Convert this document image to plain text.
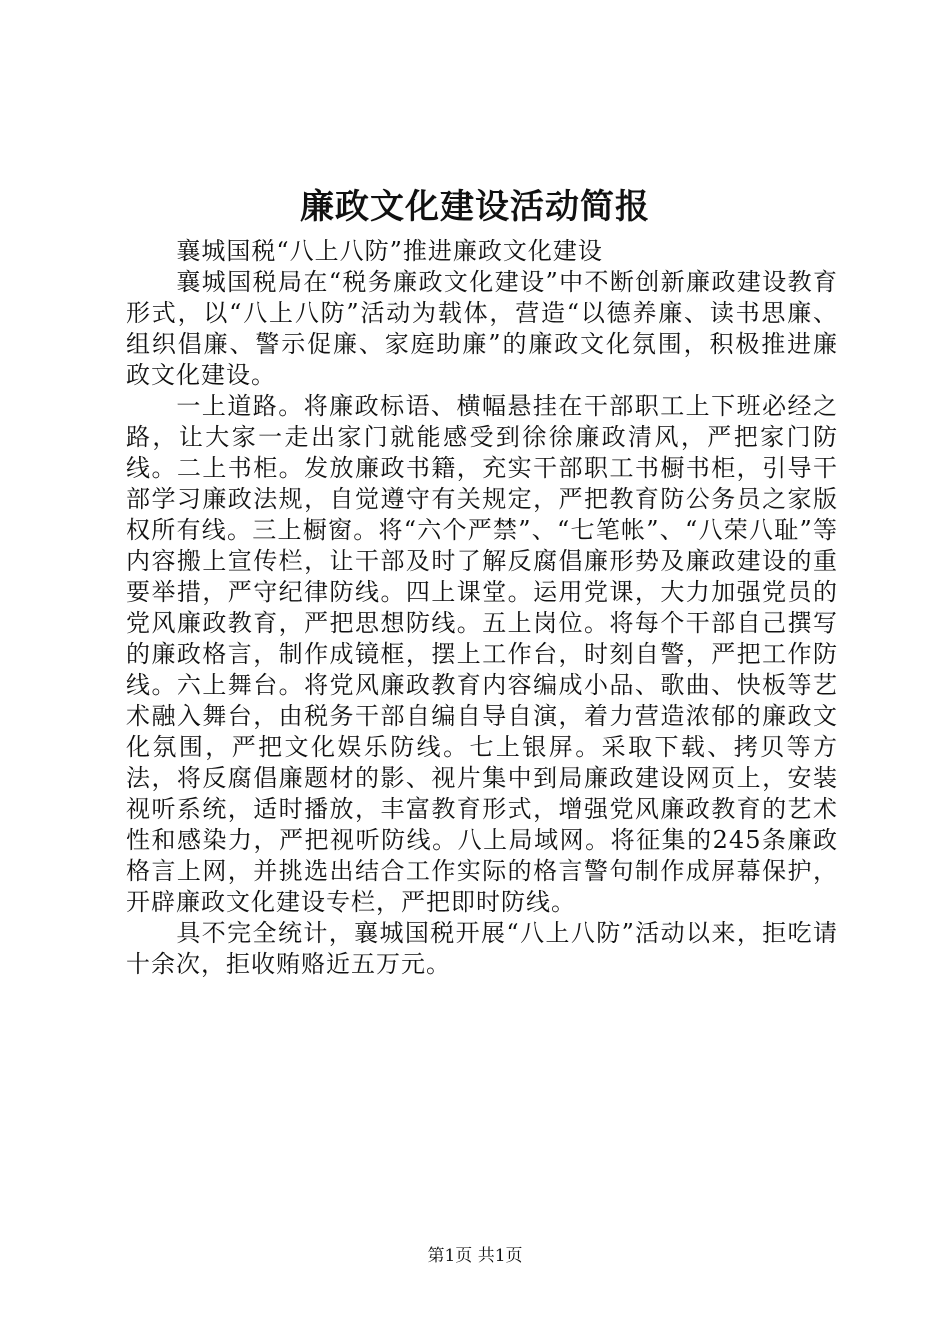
廉政文化建设活动简报

襄城国税“八上八防”推进廉政文化建设

襄城国税局在“税务廉政文化建设”中不断创新廉政建设教育形式，以“八上八防”活动为载体，营造“以德养廉、读书思廉、组织倡廉、警示促廉、家庭助廉”的廉政文化氛围，积极推进廉政文化建设。

一上道路。将廉政标语、横幅悬挂在干部职工上下班必经之路，让大家一走出家门就能感受到徐徐廉政清风，严把家门防线。二上书柜。发放廉政书籍，充实干部职工书橱书柜，引导干部学习廉政法规，自觉遵守有关规定，严把教育防公务员之家版权所有线。三上橱窗。将“六个严禁”、“七笔帐”、“八荣八耻”等内容搬上宣传栏，让干部及时了解反腐倡廉形势及廉政建设的重要举措，严守纪律防线。四上课堂。运用党课，大力加强党员的党风廉政教育，严把思想防线。五上岗位。将每个干部自己撰写的廉政格言，制作成镜框，摆上工作台，时刻自警，严把工作防线。六上舞台。将党风廉政教育内容编成小品、歌曲、快板等艺术融入舞台，由税务干部自编自导自演，着力营造浓郁的廉政文化氛围，严把文化娱乐防线。七上银屏。采取下载、拷贝等方法，将反腐倡廉题材的影、视片集中到局廉政建设网页上，安装视听系统，适时播放，丰富教育形式，增强党风廉政教育的艺术性和感染力，严把视听防线。八上局域网。将征集的245条廉政格言上网，并挑选出结合工作实际的格言警句制作成屏幕保护，开辟廉政文化建设专栏，严把即时防线。

具不完全统计，襄城国税开展“八上八防”活动以来，拒吃请十余次，拒收贿赂近五万元。

第1页 共1页
